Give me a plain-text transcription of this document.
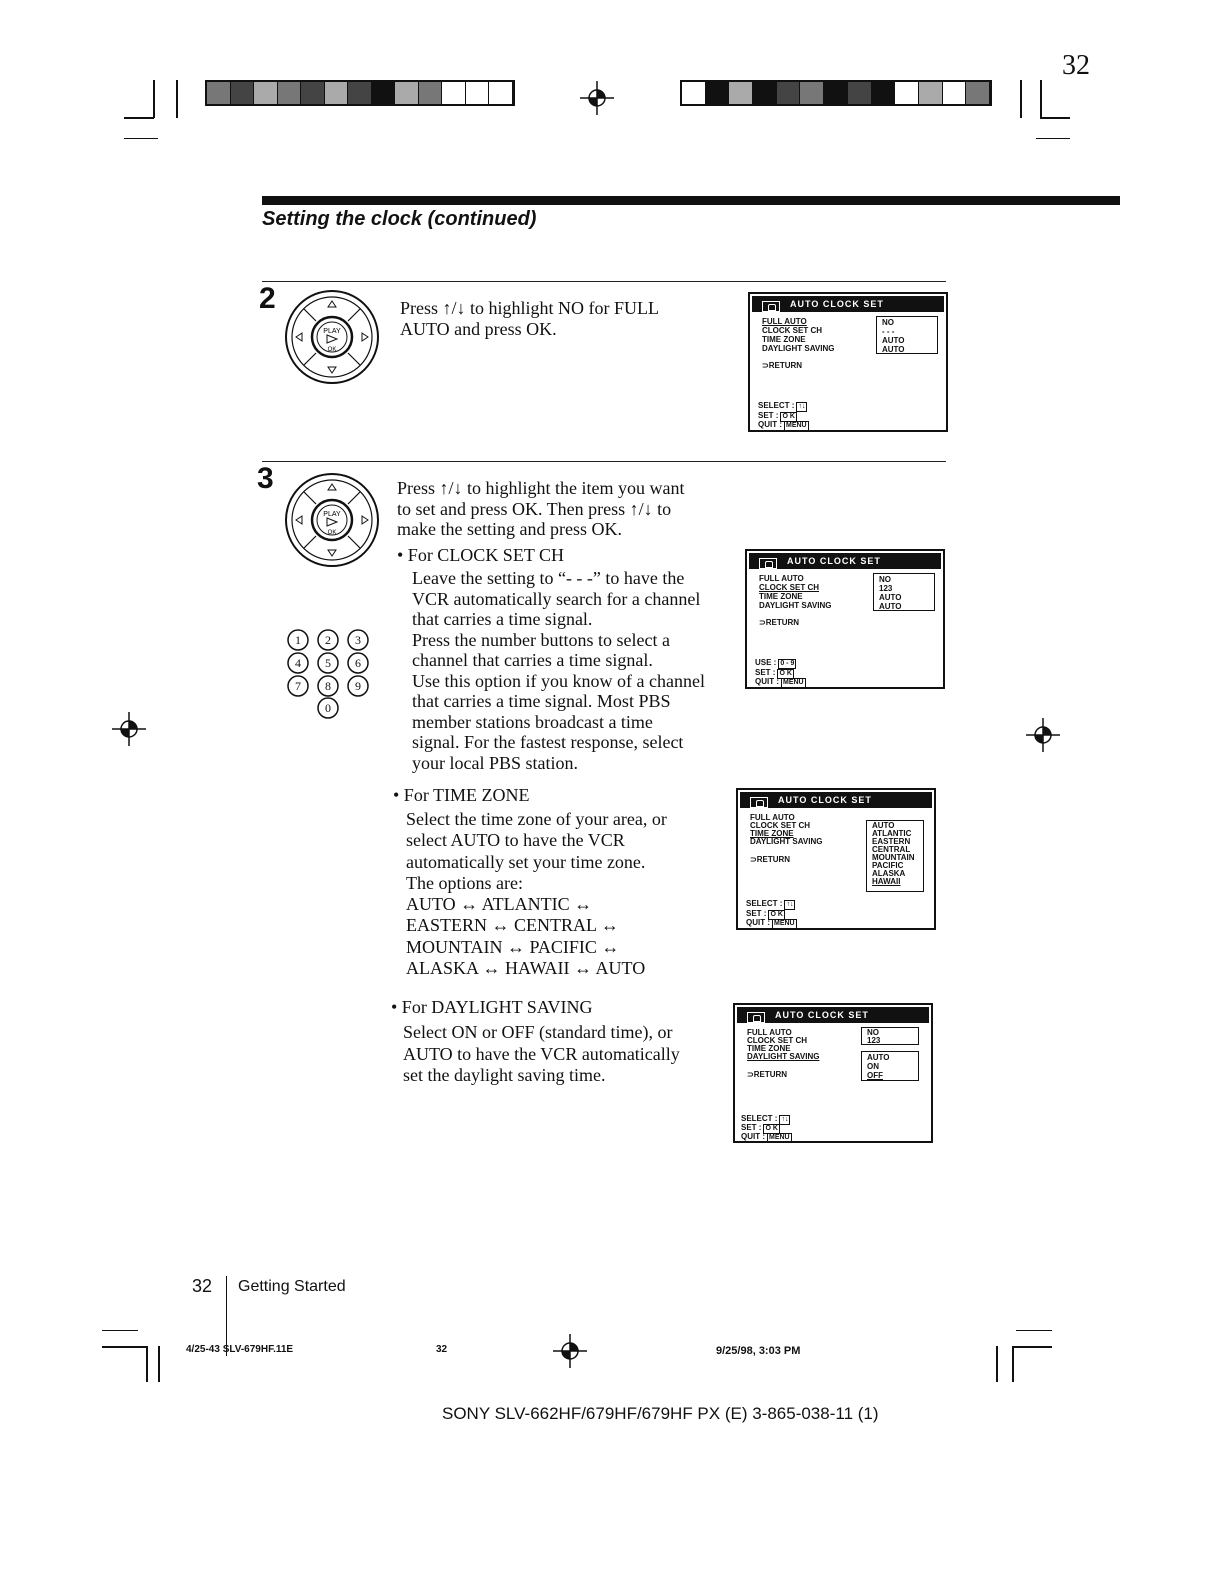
32
Setting the clock (continued)
2
PLAY
OK
Press ↑/↓ to highlight NO for FULL
AUTO and press OK.
AUTO CLOCK SET
FULL AUTO
CLOCK SET CH
TIME ZONE
DAYLIGHT SAVING
⊃RETURN
NO
- - -
AUTO
AUTO
SELECT : ↑↓
SET : O K
QUIT : MENU
3
PLAY
OK
1 2 3
4 5 6
7 8 9
0
Press ↑/↓ to highlight the item you want
to set and press OK. Then press ↑/↓ to
make the setting and press OK.
• For CLOCK SET CH
Leave the setting to “- - -” to have the
VCR automatically search for a channel
that carries a time signal.
Press the number buttons to select a
channel that carries a time signal.
Use this option if you know of a channel
that carries a time signal. Most PBS
member stations broadcast a time
signal. For the fastest response, select
your local PBS station.
AUTO CLOCK SET
FULL AUTO
CLOCK SET CH
TIME ZONE
DAYLIGHT SAVING
⊃RETURN
NO
123
AUTO
AUTO
USE : 0 - 9
SET : O K
QUIT : MENU
• For TIME ZONE
Select the time zone of your area, or
select AUTO to have the VCR
automatically set your time zone.
The options are:
AUTO ↔ ATLANTIC ↔
EASTERN ↔ CENTRAL ↔
MOUNTAIN ↔ PACIFIC ↔
ALASKA ↔ HAWAII ↔ AUTO
AUTO CLOCK SET
FULL AUTO
CLOCK SET CH
TIME ZONE
DAYLIGHT SAVING
⊃RETURN
AUTO
ATLANTIC
EASTERN
CENTRAL
MOUNTAIN
PACIFIC
ALASKA
HAWAII
SELECT : ↑↓
SET : O K
QUIT : MENU
• For DAYLIGHT SAVING
Select ON or OFF (standard time), or
AUTO to have the VCR automatically
set the daylight saving time.
AUTO CLOCK SET
FULL AUTO
CLOCK SET CH
TIME ZONE
DAYLIGHT SAVING
⊃RETURN
NO
123
AUTO
ON
OFF
SELECT : ↑↓
SET : O K
QUIT : MENU
32 Getting Started
4/25-43 SLV-679HF.11E	32	9/25/98, 3:03 PM
SONY SLV-662HF/679HF/679HF PX (E) 3-865-038-11 (1)
